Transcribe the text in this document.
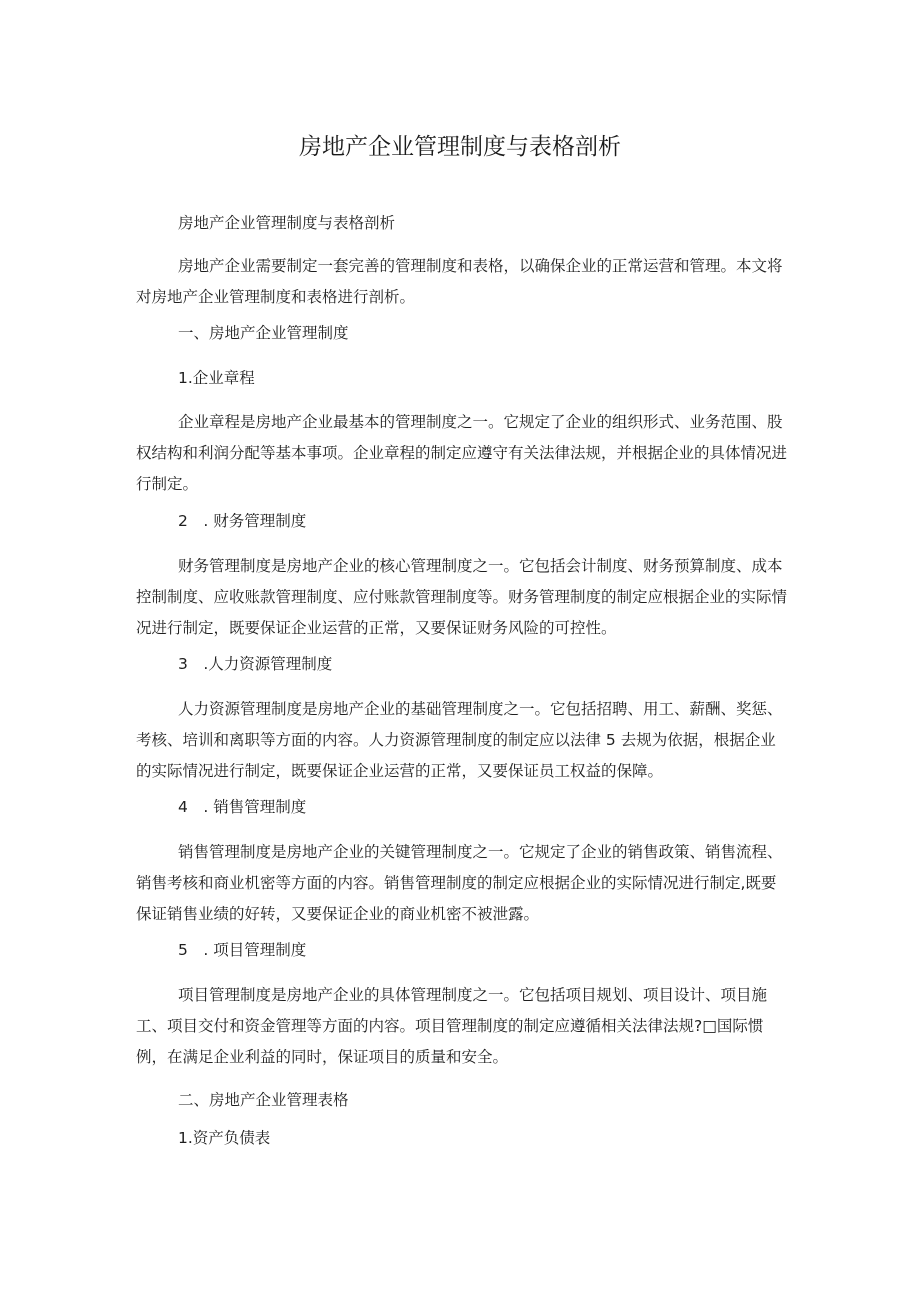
房地产企业管理制度与表格剖析
房地产企业管理制度与表格剖析
房地产企业需要制定一套完善的管理制度和表格，以确保企业的正常运营和管理。本文将
对房地产企业管理制度和表格进行剖析。
一、房地产企业管理制度
1.企业章程
企业章程是房地产企业最基本的管理制度之一。它规定了企业的组织形式、业务范围、股
权结构和利润分配等基本事项。企业章程的制定应遵守有关法律法规，并根据企业的具体情况进
行制定。
2　. 财务管理制度
财务管理制度是房地产企业的核心管理制度之一。它包括会计制度、财务预算制度、成本
控制制度、应收账款管理制度、应付账款管理制度等。财务管理制度的制定应根据企业的实际情
况进行制定，既要保证企业运营的正常，又要保证财务风险的可控性。
3　.人力资源管理制度
人力资源管理制度是房地产企业的基础管理制度之一。它包括招聘、用工、薪酬、奖惩、
考核、培训和离职等方面的内容。人力资源管理制度的制定应以法律 5 去规为依据，根据企业
的实际情况进行制定，既要保证企业运营的正常，又要保证员工权益的保障。
4　. 销售管理制度
销售管理制度是房地产企业的关键管理制度之一。它规定了企业的销售政策、销售流程、
销售考核和商业机密等方面的内容。销售管理制度的制定应根据企业的实际情况进行制定,既要
保证销售业绩的好转，又要保证企业的商业机密不被泄露。
5　. 项目管理制度
项目管理制度是房地产企业的具体管理制度之一。它包括项目规划、项目设计、项目施
工、项目交付和资金管理等方面的内容。项目管理制度的制定应遵循相关法律法规?□国际惯
例，在满足企业利益的同时，保证项目的质量和安全。
二、房地产企业管理表格
1.资产负债表
